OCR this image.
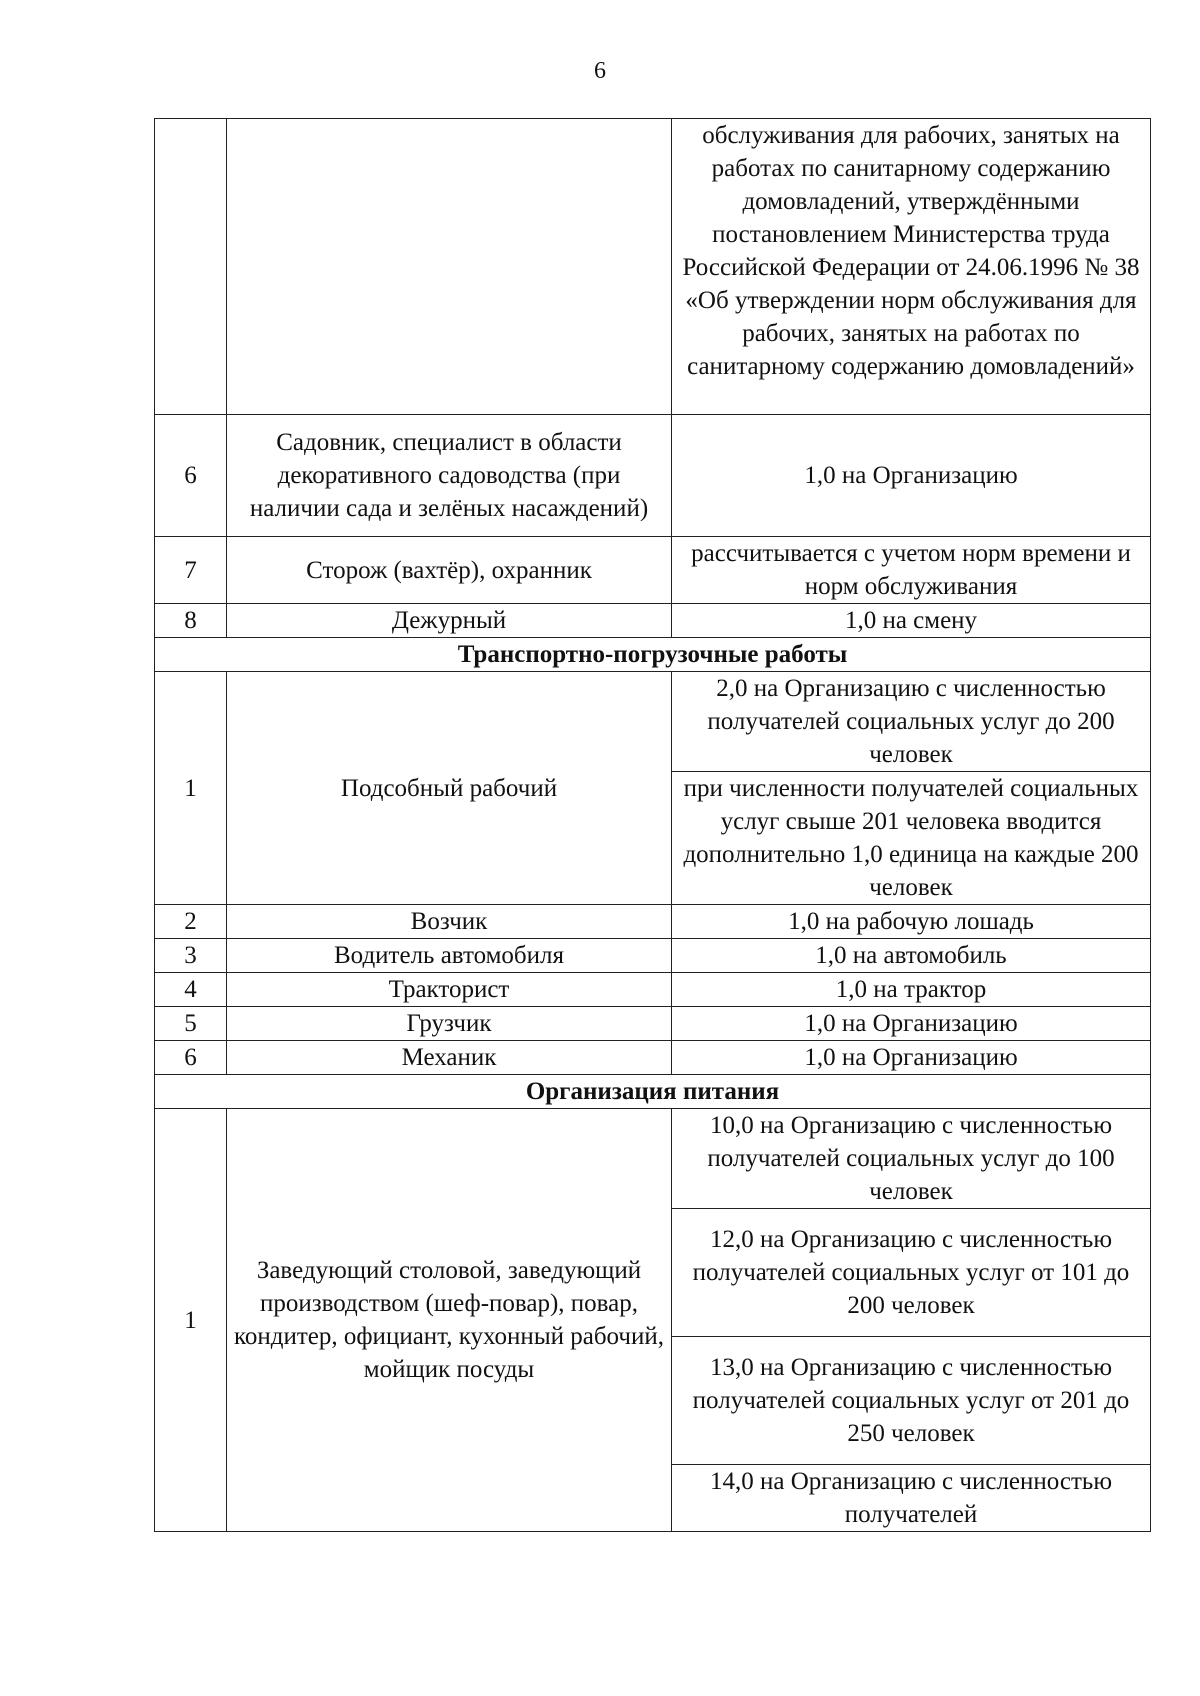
6
		обслуживания для рабочих, занятых на работах по санитарному содержанию домовладений, утверждёнными постановлением Министерства труда Российской Федерации от 24.06.1996 № 38 «Об утверждении норм обслуживания для рабочих, занятых на работах по санитарному содержанию домовладений»
6	Садовник, специалист в области декоративного садоводства (при наличии сада и зелёных насаждений)	1,0 на Организацию
7	Сторож (вахтёр), охранник	рассчитывается с учетом норм времени и норм обслуживания
8	Дежурный	1,0 на смену
Транспортно-погрузочные работы		
1	Подсобный рабочий	2,0 на Организацию с численностью получателей социальных услуг до 200 человек
		при численности получателей социальных услуг свыше 201 человека вводится дополнительно 1,0 единица на каждые 200 человек
2	Возчик	1,0 на рабочую лошадь
3	Водитель автомобиля	1,0 на автомобиль
4	Тракторист	1,0 на трактор
5	Грузчик	1,0 на Организацию
6	Механик	1,0 на Организацию
Организация питания		
1	Заведующий столовой, заведующий производством (шеф-повар), повар, кондитер, официант, кухонный рабочий, мойщик посуды	10,0 на Организацию с численностью получателей социальных услуг до 100 человек
		12,0 на Организацию с численностью получателей социальных услуг от 101 до 200 человек
		13,0 на Организацию с численностью получателей социальных услуг от 201 до 250 человек
		14,0 на Организацию с численностью получателей
